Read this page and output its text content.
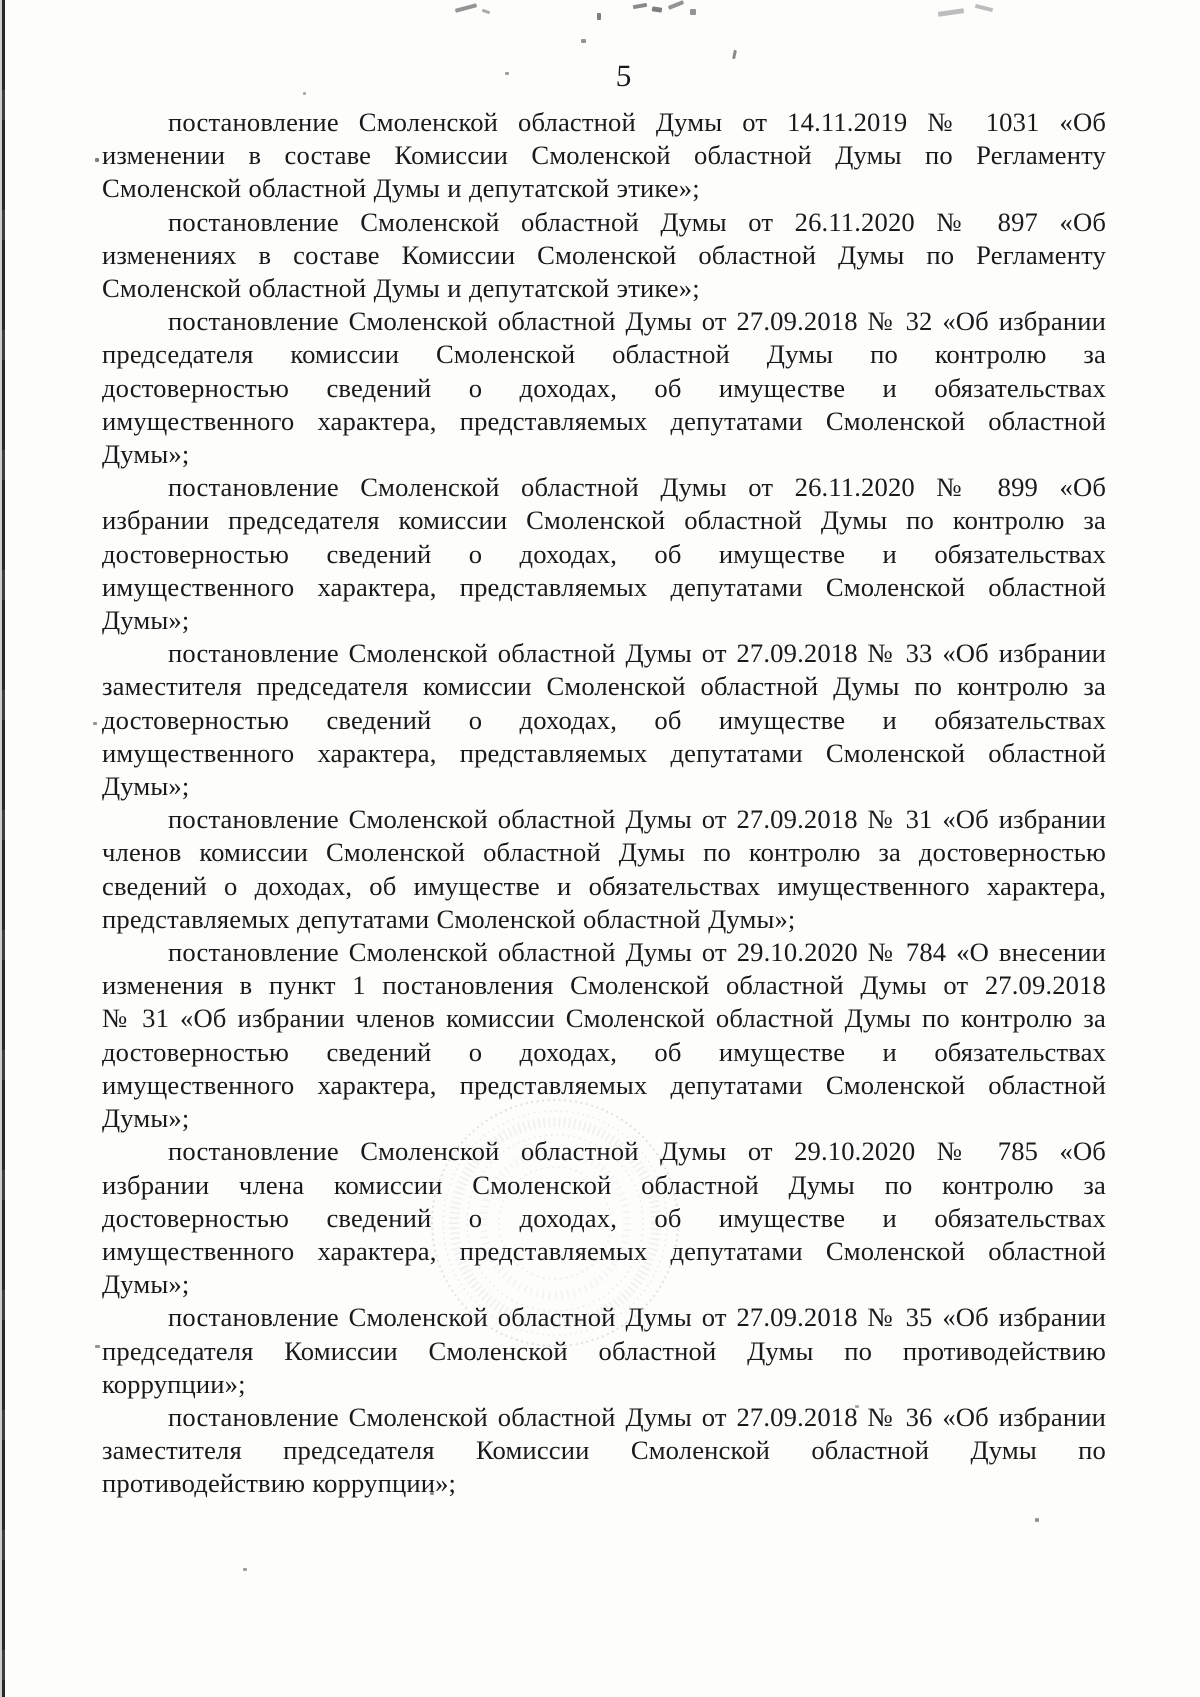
5
постановление Смоленской областной Думы от 14.11.2019 № 1031 «Об
изменении в составе Комиссии Смоленской областной Думы по Регламенту
Смоленской областной Думы и депутатской этике»;
постановление Смоленской областной Думы от 26.11.2020 № 897 «Об
изменениях в составе Комиссии Смоленской областной Думы по Регламенту
Смоленской областной Думы и депутатской этике»;
постановление Смоленской областной Думы от 27.09.2018 № 32 «Об избрании
председателя комиссии Смоленской областной Думы по контролю за
достоверностью сведений о доходах, об имуществе и обязательствах
имущественного характера, представляемых депутатами Смоленской областной
Думы»;
постановление Смоленской областной Думы от 26.11.2020 № 899 «Об
избрании председателя комиссии Смоленской областной Думы по контролю за
достоверностью сведений о доходах, об имуществе и обязательствах
имущественного характера, представляемых депутатами Смоленской областной
Думы»;
постановление Смоленской областной Думы от 27.09.2018 № 33 «Об избрании
заместителя председателя комиссии Смоленской областной Думы по контролю за
достоверностью сведений о доходах, об имуществе и обязательствах
имущественного характера, представляемых депутатами Смоленской областной
Думы»;
постановление Смоленской областной Думы от 27.09.2018 № 31 «Об избрании
членов комиссии Смоленской областной Думы по контролю за достоверностью
сведений о доходах, об имуществе и обязательствах имущественного характера,
представляемых депутатами Смоленской областной Думы»;
постановление Смоленской областной Думы от 29.10.2020 № 784 «О внесении
изменения в пункт 1 постановления Смоленской областной Думы от 27.09.2018
№ 31 «Об избрании членов комиссии Смоленской областной Думы по контролю за
достоверностью сведений о доходах, об имуществе и обязательствах
имущественного характера, представляемых депутатами Смоленской областной
Думы»;
постановление Смоленской областной Думы от 29.10.2020 № 785 «Об
избрании члена комиссии Смоленской областной Думы по контролю за
достоверностью сведений о доходах, об имуществе и обязательствах
имущественного характера, представляемых депутатами Смоленской областной
Думы»;
постановление Смоленской областной Думы от 27.09.2018 № 35 «Об избрании
председателя Комиссии Смоленской областной Думы по противодействию
коррупции»;
постановление Смоленской областной Думы от 27.09.2018 № 36 «Об избрании
заместителя председателя Комиссии Смоленской областной Думы по
противодействию коррупции»;
